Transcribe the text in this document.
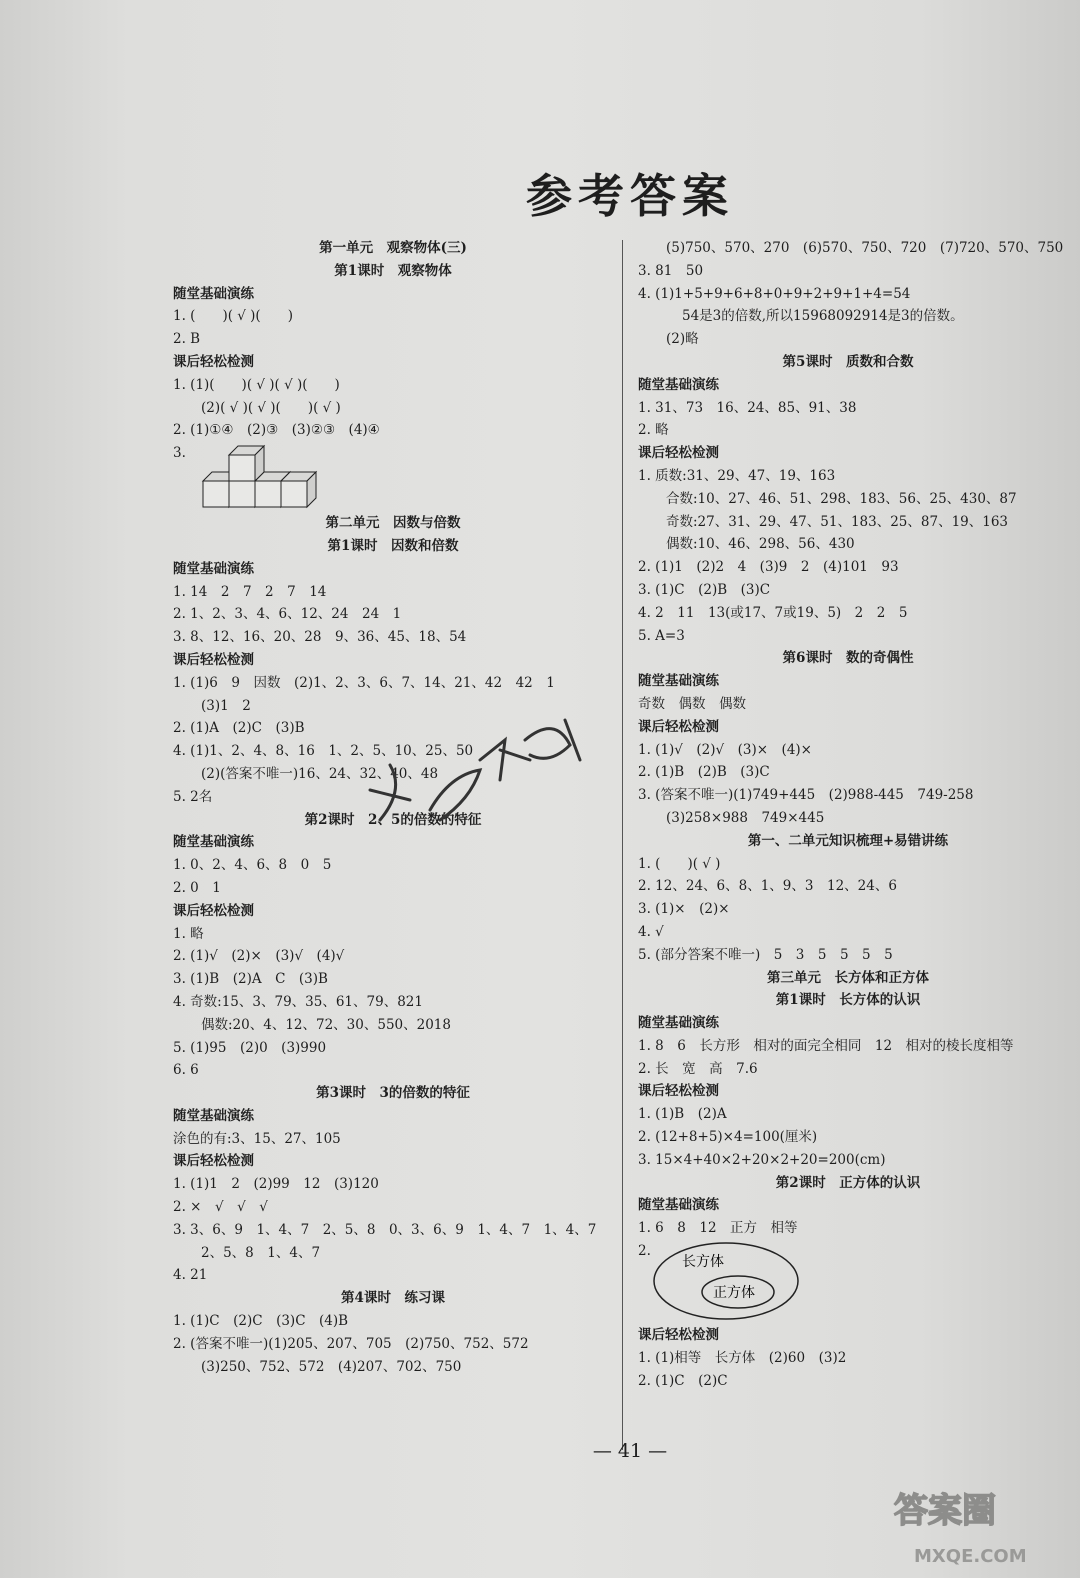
参考答案
第一单元　观察物体(三)
第1课时　观察物体
随堂基础演练
1. (　　)( √ )(　　)
2. B
课后轻松检测
1. (1)(　　)( √ )( √ )(　　)
(2)( √ )( √ )(　　)( √ )
2. (1)①④　(2)③　(3)②③　(4)④
3.
第二单元　因数与倍数
第1课时　因数和倍数
随堂基础演练
1. 14　2　7　2　7　14
2. 1、2、3、4、6、12、24　24　1
3. 8、12、16、20、28　9、36、45、18、54
课后轻松检测
1. (1)6　9　因数　(2)1、2、3、6、7、14、21、42　42　1
(3)1　2
2. (1)A　(2)C　(3)B
4. (1)1、2、4、8、16　1、2、5、10、25、50
(2)(答案不唯一)16、24、32、40、48
5. 2名
第2课时　2、5的倍数的特征
随堂基础演练
1. 0、2、4、6、8　0　5
2. 0　1
课后轻松检测
1. 略
2. (1)√　(2)×　(3)√　(4)√
3. (1)B　(2)A　C　(3)B
4. 奇数:15、3、79、35、61、79、821
偶数:20、4、12、72、30、550、2018
5. (1)95　(2)0　(3)990
6. 6
第3课时　3的倍数的特征
随堂基础演练
涂色的有:3、15、27、105
课后轻松检测
1. (1)1　2　(2)99　12　(3)120
2. ×　√　√　√
3. 3、6、9　1、4、7　2、5、8　0、3、6、9　1、4、7　1、4、7
2、5、8　1、4、7
4. 21
第4课时　练习课
1. (1)C　(2)C　(3)C　(4)B
2. (答案不唯一)(1)205、207、705　(2)750、752、572
(3)250、752、572　(4)207、702、750
(5)750、570、270　(6)570、750、720　(7)720、570、750
3. 81　50
4. (1)1+5+9+6+8+0+9+2+9+1+4=54
54是3的倍数,所以15968092914是3的倍数。
(2)略
第5课时　质数和合数
随堂基础演练
1. 31、73　16、24、85、91、38
2. 略
课后轻松检测
1. 质数:31、29、47、19、163
合数:10、27、46、51、298、183、56、25、430、87
奇数:27、31、29、47、51、183、25、87、19、163
偶数:10、46、298、56、430
2. (1)1　(2)2　4　(3)9　2　(4)101　93
3. (1)C　(2)B　(3)C
4. 2　11　13(或17、7或19、5)　2　2　5
5. A=3
第6课时　数的奇偶性
随堂基础演练
奇数　偶数　偶数
课后轻松检测
1. (1)√　(2)√　(3)×　(4)×
2. (1)B　(2)B　(3)C
3. (答案不唯一)(1)749+445　(2)988-445　749-258
(3)258×988　749×445
第一、二单元知识梳理+易错讲练
1. (　　)( √ )
2. 12、24、6、8、1、9、3　12、24、6
3. (1)×　(2)×
4. √
5. (部分答案不唯一)　5　3　5　5　5　5
第三单元　长方体和正方体
第1课时　长方体的认识
随堂基础演练
1. 8　6　长方形　相对的面完全相同　12　相对的棱长度相等
2. 长　宽　高　7.6
课后轻松检测
1. (1)B　(2)A
2. (12+8+5)×4=100(厘米)
3. 15×4+40×2+20×2+20=200(cm)
第2课时　正方体的认识
随堂基础演练
1. 6　8　12　正方　相等
2.
长方体
正方体
课后轻松检测
1. (1)相等　长方体　(2)60　(3)2
2. (1)C　(2)C
— 41 —
答案圈
MXQE.COM
